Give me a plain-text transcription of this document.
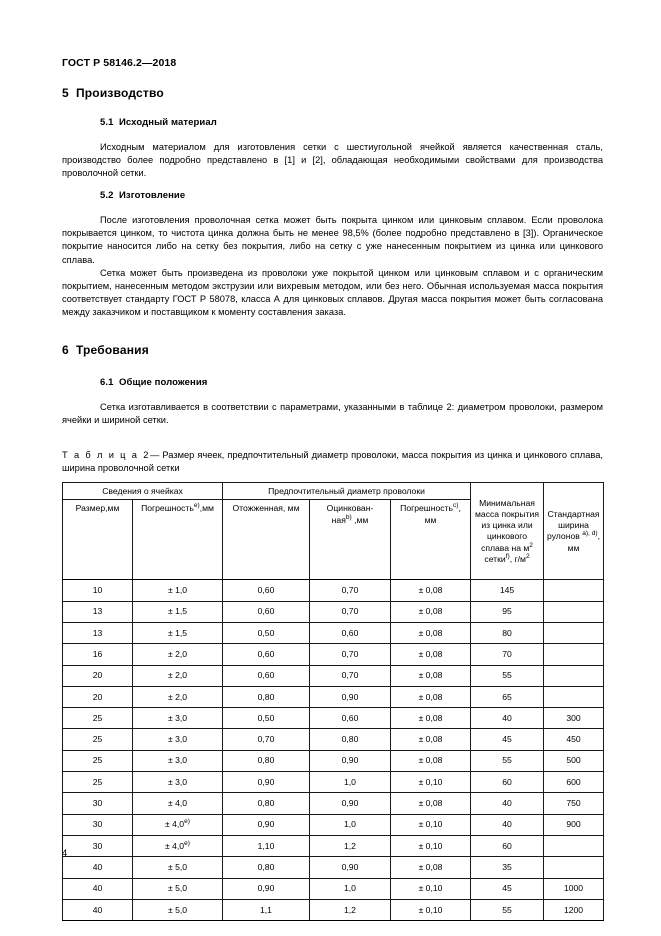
ГОСТ Р 58146.2—2018
5 Производство
5.1 Исходный материал

Исходным материалом для изготовления сетки с шестиугольной ячейкой является качественная сталь, производство более подробно представлено в [1] и [2], обладающая необходимыми свойствами для производства проволочной сетки.

5.2 Изготовление

После изготовления проволочная сетка может быть покрыта цинком или цинковым сплавом. Если проволока покрывается цинком, то чистота цинка должна быть не менее 98,5% (более подробно представлено в [3]). Органическое покрытие наносится либо на сетку без покрытия, либо на сетку с уже нанесенным покрытием из цинка или цинкового сплава.

Сетка может быть произведена из проволоки уже покрытой цинком или цинковым сплавом и с органическим покрытием, нанесенным методом экструзии или вихревым методом, или без него. Обычная используемая масса покрытия соответствует стандарту ГОСТ Р 58078, класса А для цинковых сплавов. Другая масса покрытия может быть согласована между заказчиком и поставщиком к моменту составления заказа.

6 Требования
6.1 Общие положения

Сетка изготавливается в соответствии с параметрами, указанными в таблице 2: диаметром проволоки, размером ячейки и шириной сетки.

Т а б л и ц а 2— Размер ячеек, предпочтительный диаметр проволоки, масса покрытия из цинка и цинкового сплава, ширина проволочной сетки

Сведения о ячейках	Предпочтительный диаметр проволоки	Минимальная
масса покрытия
из цинка или
цинкового
сплава на $м^2$
сетки$^{f)}$, $г/м^2$	Стандартная
ширина
рулонов $^{a), d)}$,
мм
Размер,мм	Погрешность$^{e)}$,мм	Отожженная, мм	Оцинкован-
ная$^{b)}$ ,мм	Погрешность$^{c)}$,
мм		
10	± 1,0	0,60	0,70	± 0,08	145	
13	± 1,5	0,60	0,70	± 0,08	95	
13	± 1,5	0,50	0,60	± 0,08	80	
16	± 2,0	0,60	0,70	± 0,08	70	
20	± 2,0	0,60	0,70	± 0,08	55	
20	± 2,0	0,80	0,90	± 0,08	65	
25	± 3,0	0,50	0,60	± 0,08	40	300
25	± 3,0	0,70	0,80	± 0,08	45	450
25	± 3,0	0,80	0,90	± 0,08	55	500
25	± 3,0	0,90	1,0	± 0,10	60	600
30	± 4,0	0,80	0,90	± 0,08	40	750
30	± $4,0^{e)}$	0,90	1,0	± 0,10	40	900
30	± $4,0^{e)}$	1,10	1,2	± 0,10	60	
40	± 5,0	0,80	0,90	± 0,08	35	
40	± 5,0	0,90	1,0	± 0,10	45	1000
40	± 5,0	1,1	1,2	± 0,10	55	1200
4
